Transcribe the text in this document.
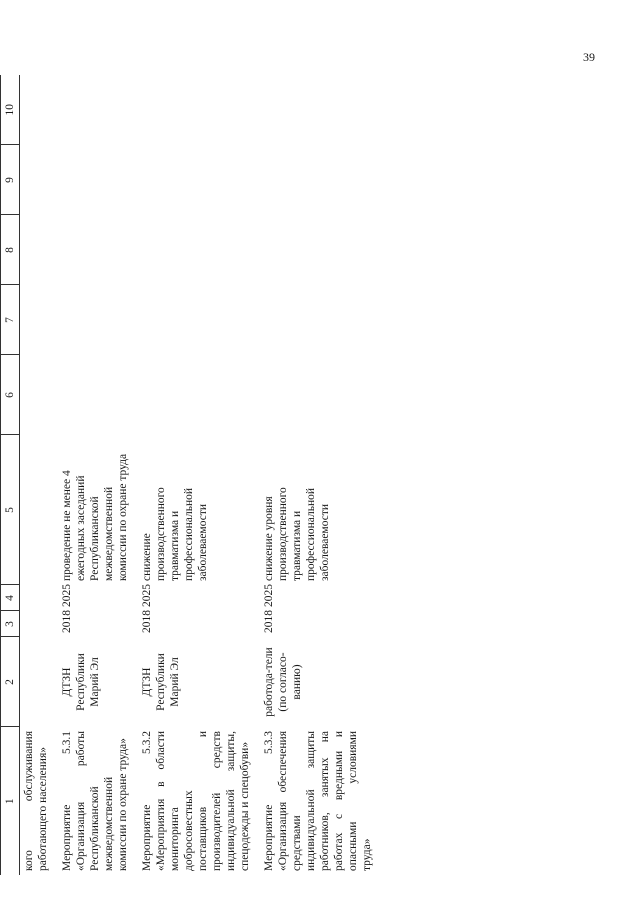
39
1	2	3	4	5	6	7	8	9	10
кого обслуживания работающего населения»									
Мероприятие 5.3.1 «Организация работы Республиканской межведомственной комиссии по охране труда»	ДТЗН Республики Марий Эл	2018	2025	проведение не менее 4 ежегодных заседаний Республиканской межведомственной комиссии по охране труда					
Мероприятие 5.3.2 «Мероприятия в области мониторинга добросовестных поставщиков и производителей средств индивидуальной защиты, спецодежды и спецобуви»	ДТЗН Республики Марий Эл	2018	2025	снижение производственного травматизма и профессиональной заболеваемости					
Мероприятие 5.3.3 «Организация обеспечения средствами индивидуальной защиты работников, занятых на работах с вредными и опасными условиями труда»	работода-тели (по согласо-ванию)	2018	2025	снижение уровня производственного травматизма и профессиональной заболеваемости					
